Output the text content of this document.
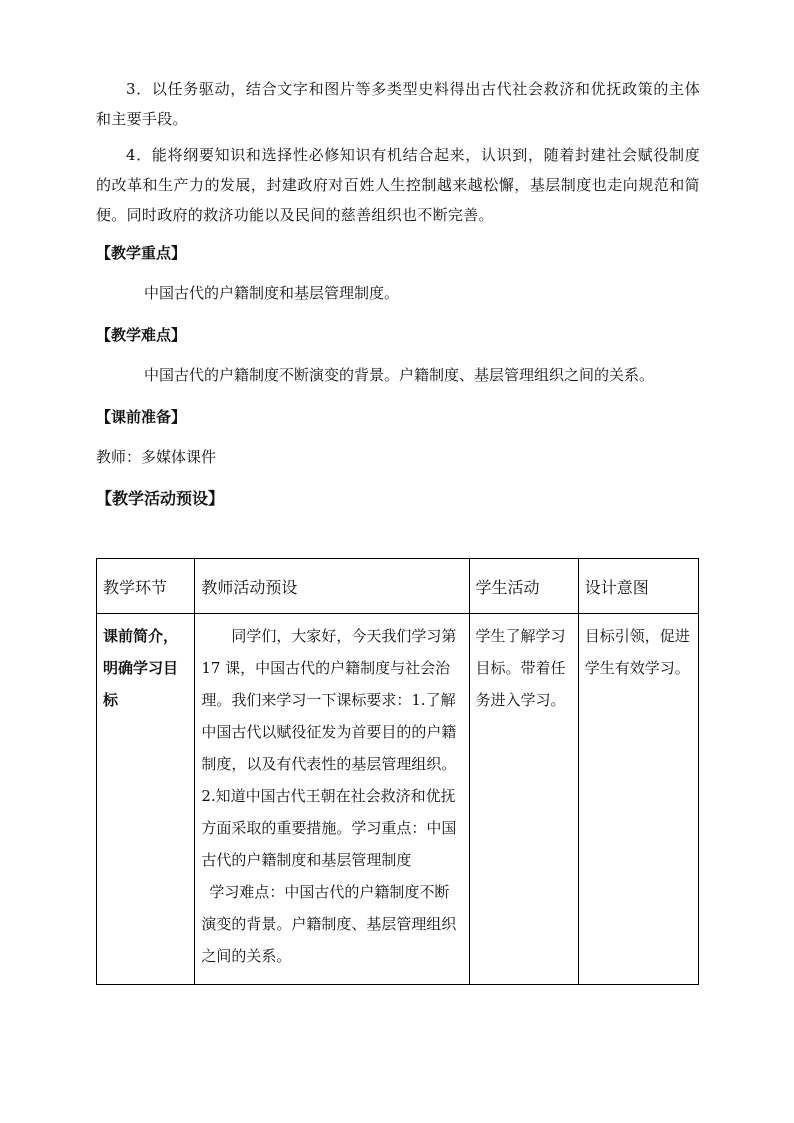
3．以任务驱动，结合文字和图片等多类型史料得出古代社会救济和优抚政策的主体和主要手段。

4．能将纲要知识和选择性必修知识有机结合起来，认识到，随着封建社会赋役制度的改革和生产力的发展，封建政府对百姓人生控制越来越松懈，基层制度也走向规范和简便。同时政府的救济功能以及民间的慈善组织也不断完善。

【教学重点】

中国古代的户籍制度和基层管理制度。

【教学难点】

中国古代的户籍制度不断演变的背景。户籍制度、基层管理组织之间的关系。

【课前准备】

教师：多媒体课件

【教学活动预设】

教学环节	教师活动预设	学生活动	设计意图

课前简介，明确学习目标	同学们，大家好，今天我们学习第 17 课，中国古代的户籍制度与社会治理。我们来学习一下课标要求：1.了解中国古代以赋役征发为首要目的的户籍制度，以及有代表性的基层管理组织。2.知道中国古代王朝在社会救济和优抚方面采取的重要措施。学习重点：中国古代的户籍制度和基层管理制度

学习难点：中国古代的户籍制度不断演变的背景。户籍制度、基层管理组织之间的关系。	学生了解学习目标。带着任务进入学习。	目标引领，促进学生有效学习。
